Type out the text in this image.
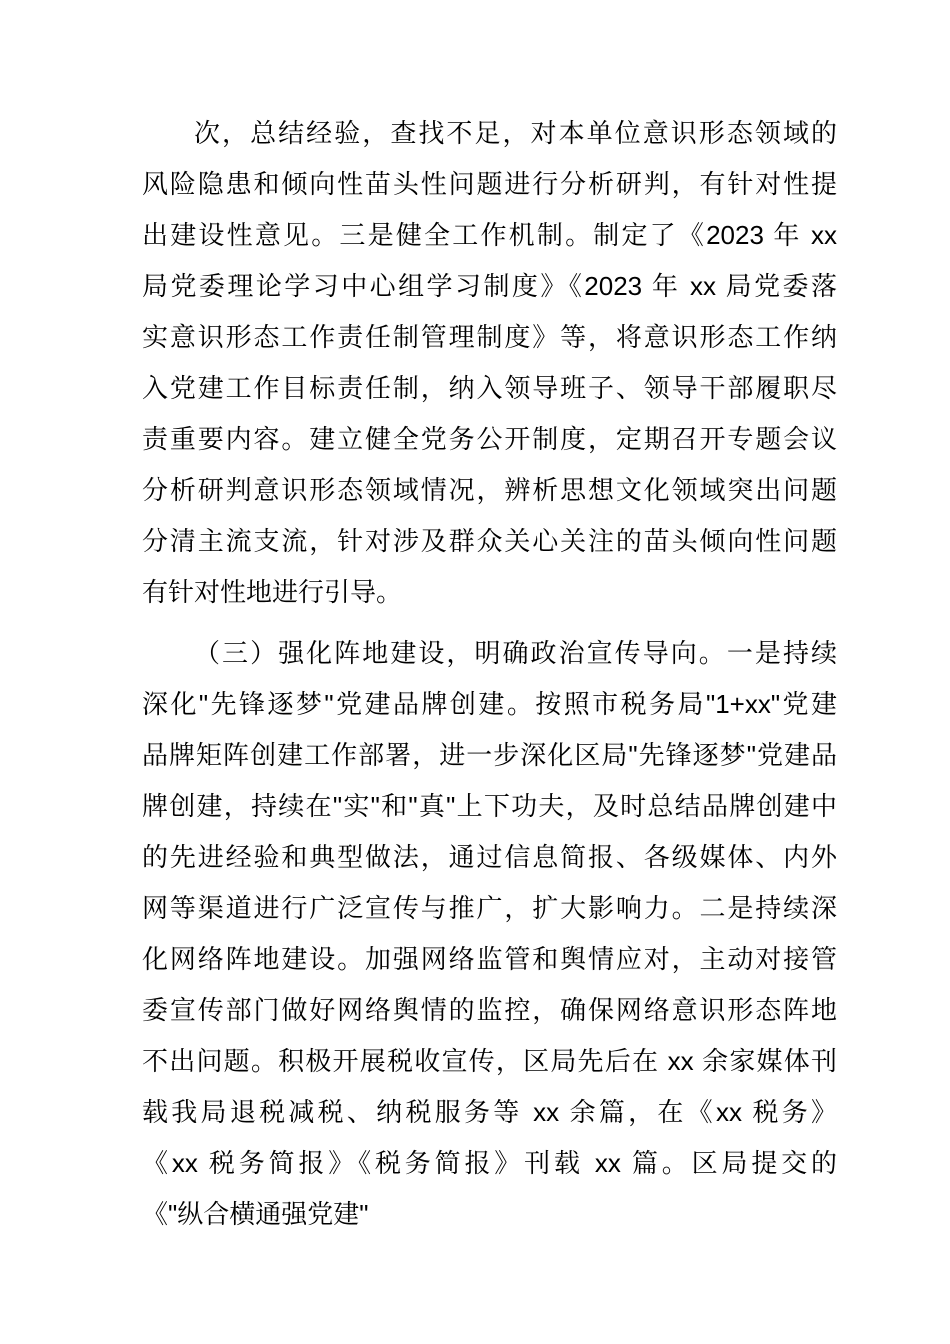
次，总结经验，查找不足，对本单位意识形态领域的
风险隐患和倾向性苗头性问题进行分析研判，有针对性提
出建设性意见。三是健全工作机制。制定了《2023 年 xx
局党委理论学习中心组学习制度》《2023 年 xx 局党委落
实意识形态工作责任制管理制度》等，将意识形态工作纳
入党建工作目标责任制，纳入领导班子、领导干部履职尽
责重要内容。建立健全党务公开制度，定期召开专题会议
分析研判意识形态领域情况，辨析思想文化领域突出问题
分清主流支流，针对涉及群众关心关注的苗头倾向性问题
有针对性地进行引导。
（三）强化阵地建设，明确政治宣传导向。一是持续
深化"先锋逐梦"党建品牌创建。按照市税务局"1+xx"党建
品牌矩阵创建工作部署，进一步深化区局"先锋逐梦"党建品
牌创建，持续在"实"和"真"上下功夫，及时总结品牌创建中
的先进经验和典型做法，通过信息简报、各级媒体、内外
网等渠道进行广泛宣传与推广，扩大影响力。二是持续深
化网络阵地建设。加强网络监管和舆情应对，主动对接管
委宣传部门做好网络舆情的监控，确保网络意识形态阵地
不出问题。积极开展税收宣传，区局先后在 xx 余家媒体刊
载我局退税减税、纳税服务等 xx 余篇，在《xx 税务》
《xx 税务简报》《税务简报》刊载 xx 篇。区局提交的
《"纵合横通强党建"
